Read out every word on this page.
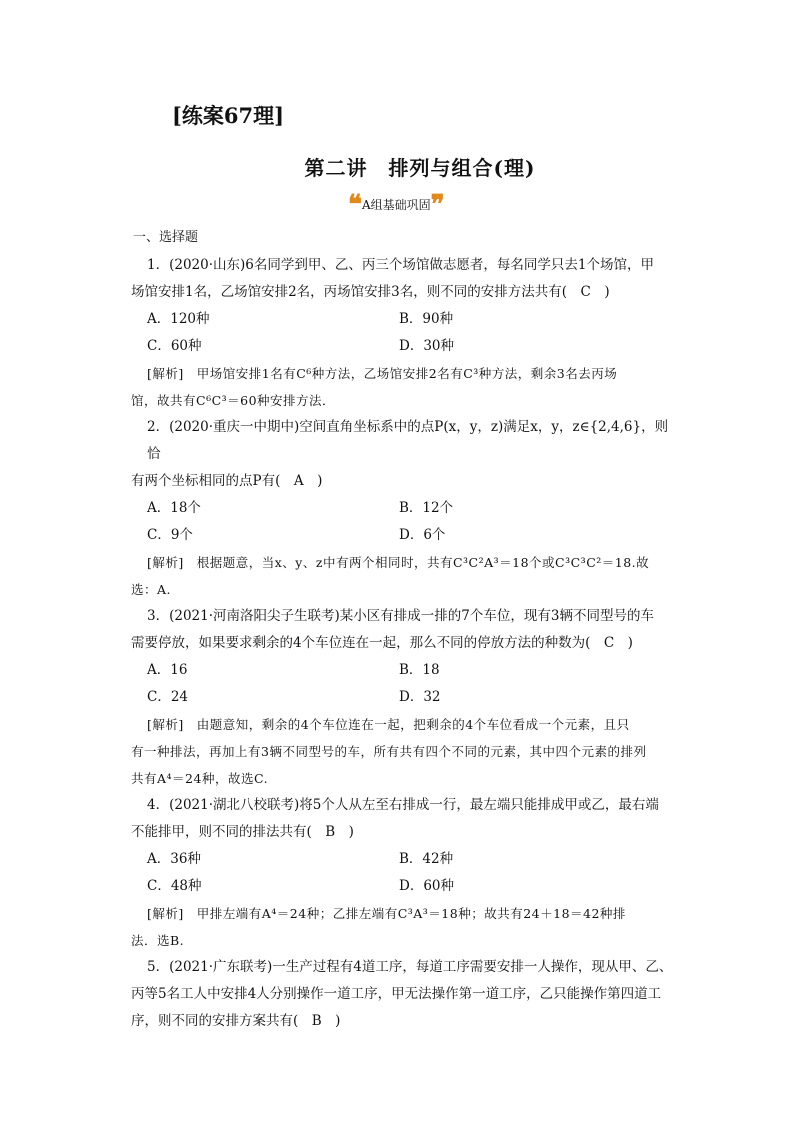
[练案67理]
第二讲　排列与组合(理)
❝ A组基础巩固 ❞
一、选择题
1．(2020·山东)6名同学到甲、乙、丙三个场馆做志愿者，每名同学只去1个场馆，甲
场馆安排1名，乙场馆安排2名，丙场馆安排3名，则不同的安排方法共有(　C　)
A．120种	B．90种
C．60种	D．30种
[解析]　甲场馆安排1名有C⁶种方法，乙场馆安排2名有C³种方法，剩余3名去丙场
馆，故共有C⁶C³＝60种安排方法．
2．(2020·重庆一中期中)空间直角坐标系中的点P(x，y，z)满足x，y，z∈{2,4,6}，则恰
有两个坐标相同的点P有(　A　)
A．18个	B．12个
C．9个	D．6个
[解析]　根据题意，当x、y、z中有两个相同时，共有C³C²A³＝18个或C³C³C²＝18.故
选：A.
3．(2021·河南洛阳尖子生联考)某小区有排成一排的7个车位，现有3辆不同型号的车
需要停放，如果要求剩余的4个车位连在一起，那么不同的停放方法的种数为(　C　)
A．16	B．18
C．24	D．32
[解析]　由题意知，剩余的4个车位连在一起，把剩余的4个车位看成一个元素，且只
有一种排法，再加上有3辆不同型号的车，所有共有四个不同的元素，其中四个元素的排列
共有A⁴＝24种，故选C.
4．(2021·湖北八校联考)将5个人从左至右排成一行，最左端只能排成甲或乙，最右端
不能排甲，则不同的排法共有(　B　)
A．36种	B．42种
C．48种	D．60种
[解析]　甲排左端有A⁴＝24种；乙排左端有C³A³＝18种；故共有24＋18＝42种排
法．选B.
5．(2021·广东联考)一生产过程有4道工序，每道工序需要安排一人操作，现从甲、乙、
丙等5名工人中安排4人分别操作一道工序，甲无法操作第一道工序，乙只能操作第四道工
序，则不同的安排方案共有(　B　)
